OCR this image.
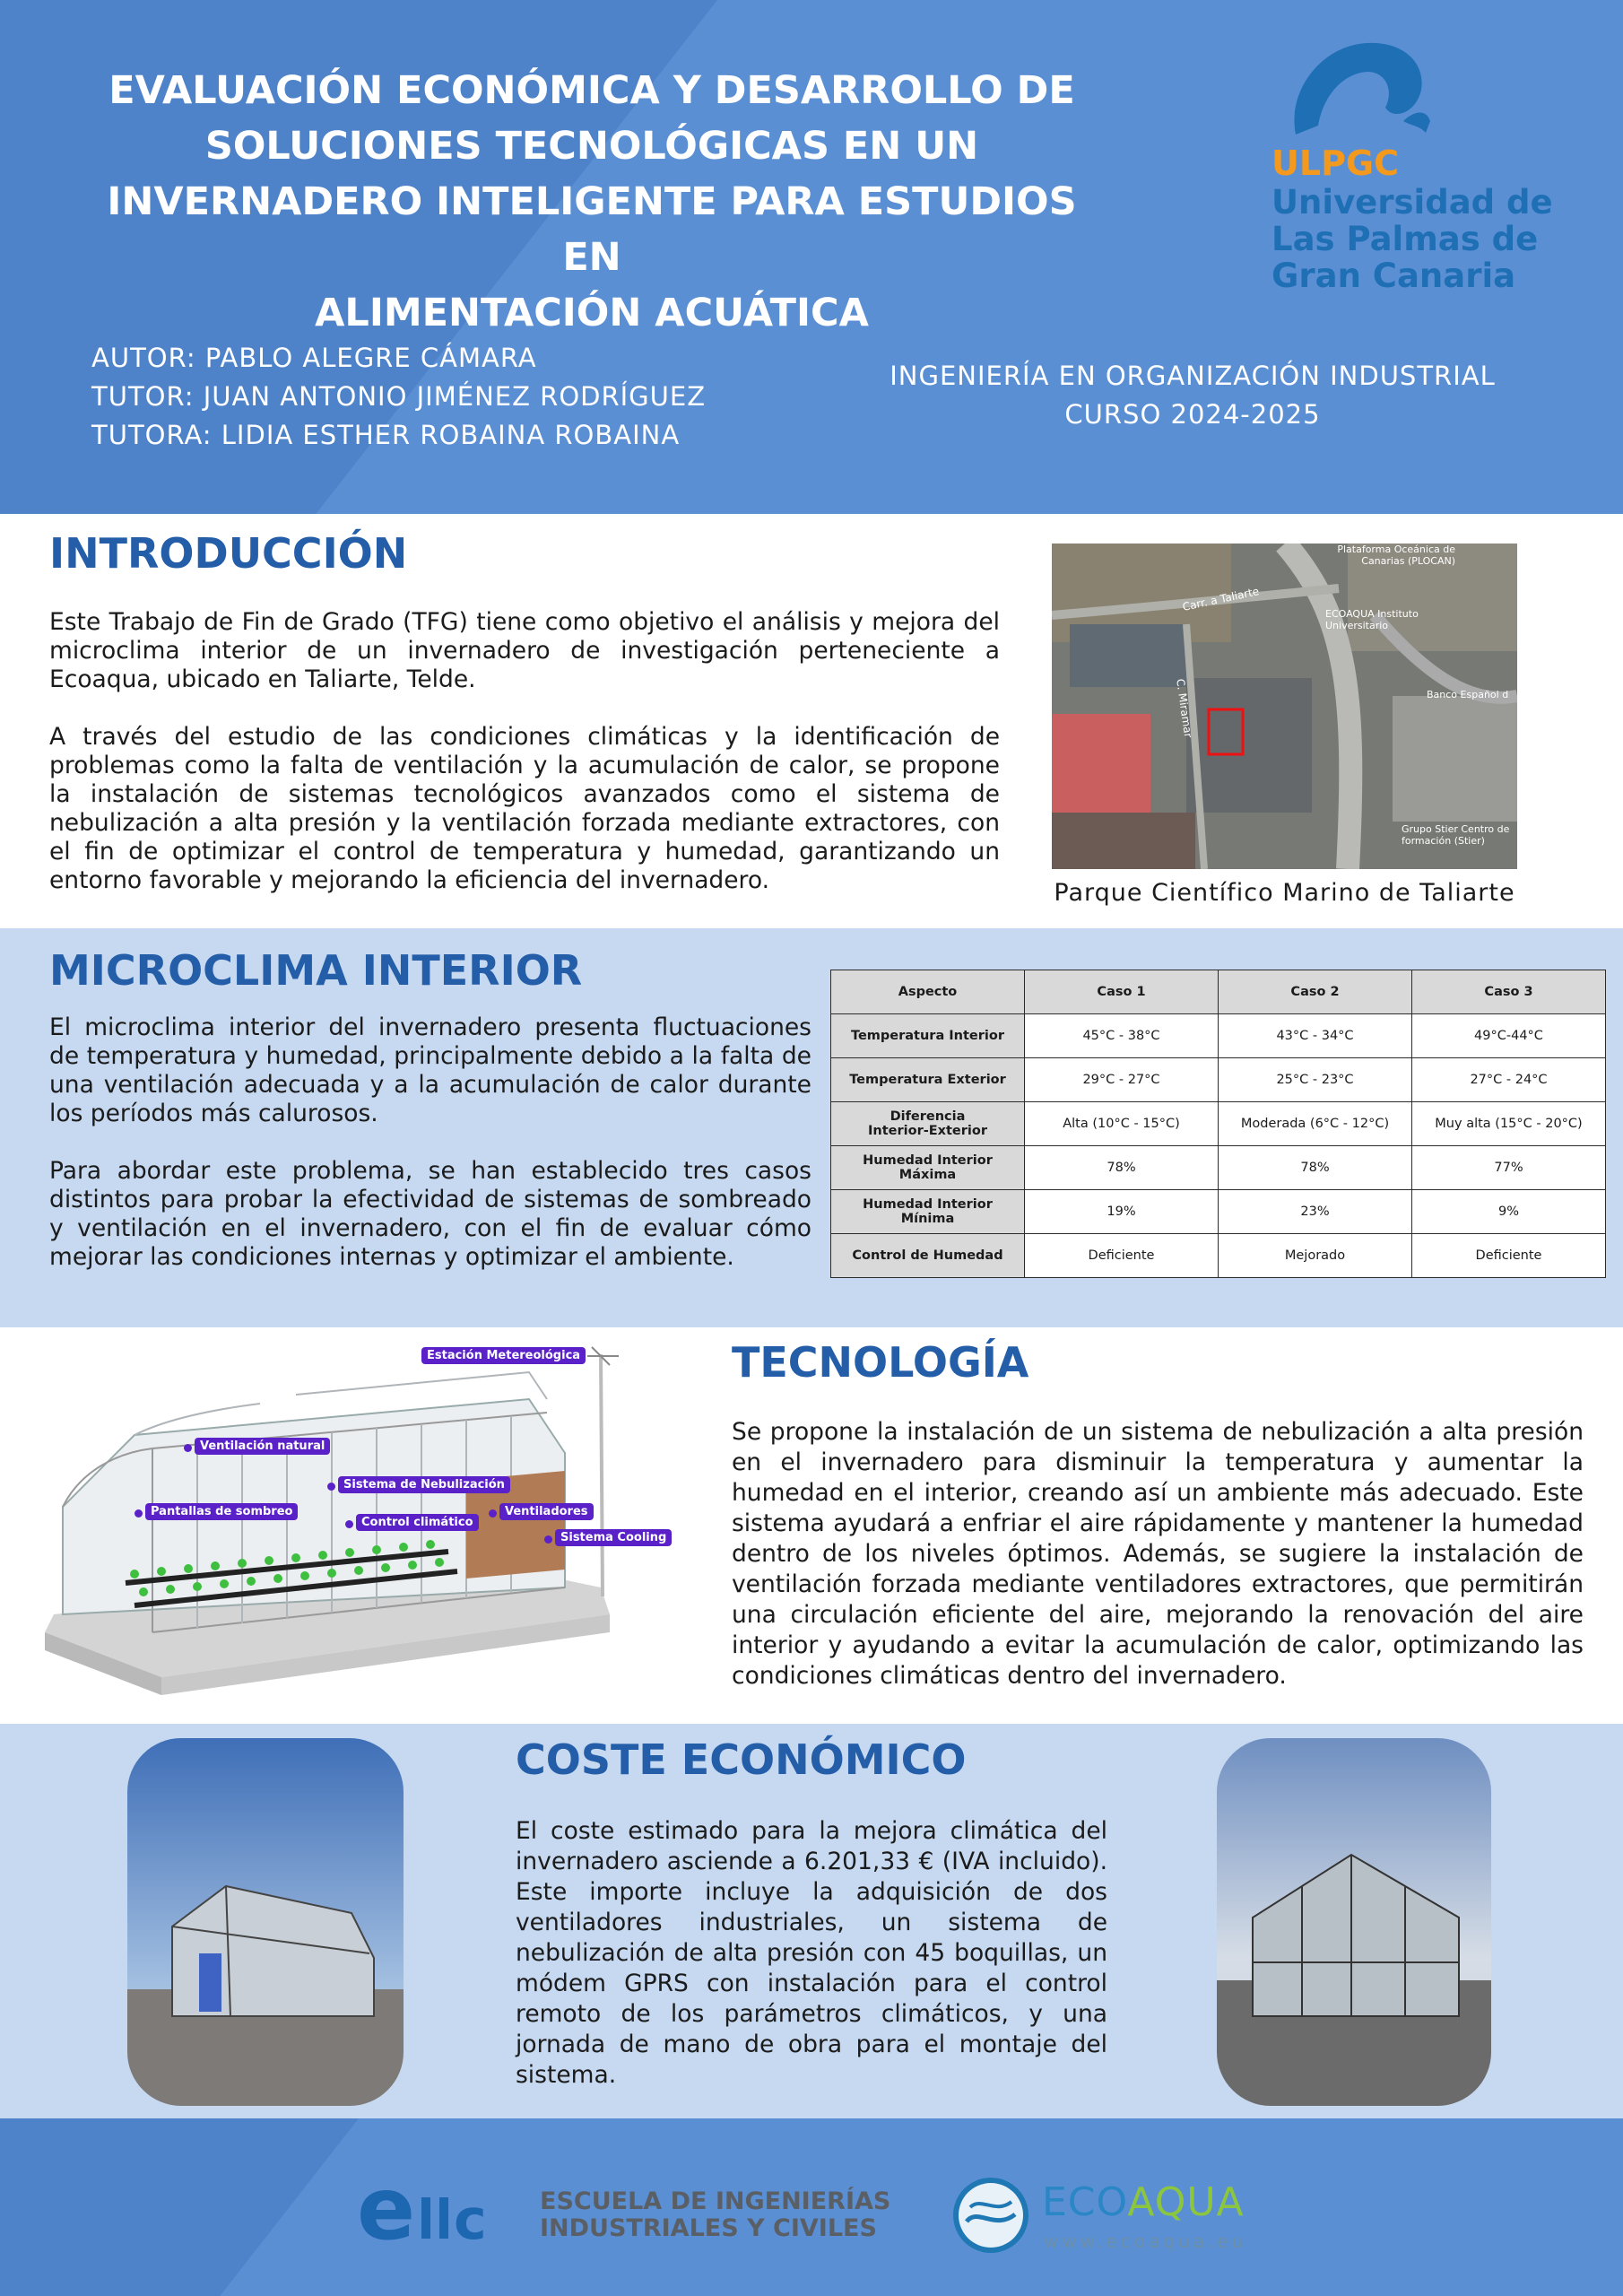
EVALUACIÓN ECONÓMICA Y DESARROLLO DE
SOLUCIONES TECNOLÓGICAS EN UN
INVERNADERO INTELIGENTE PARA ESTUDIOS EN
ALIMENTACIÓN ACUÁTICA
AUTOR: PABLO ALEGRE CÁMARA
TUTOR: JUAN ANTONIO JIMÉNEZ RODRÍGUEZ
TUTORA: LIDIA ESTHER ROBAINA ROBAINA
INGENIERÍA EN ORGANIZACIÓN INDUSTRIAL
CURSO 2024-2025
ULPGC
Universidad de
Las Palmas de
Gran Canaria
INTRODUCCIÓN
Este Trabajo de Fin de Grado (TFG) tiene como objetivo el análisis y mejora del microclima interior de un invernadero de investigación perteneciente a Ecoaqua, ubicado en Taliarte, Telde.
A través del estudio de las condiciones climáticas y la identificación de problemas como la falta de ventilación y la acumulación de calor, se propone la instalación de sistemas tecnológicos avanzados como el sistema de nebulización a alta presión y la ventilación forzada mediante extractores, con el fin de optimizar el control de temperatura y humedad, garantizando un entorno favorable y mejorando la eficiencia del invernadero.
Carr. a Taliarte
C. Miramar
Plataforma Oceánica de Canarias (PLOCAN)
ECOAQUA Instituto Universitario
Banco Español d
Grupo Stier Centro de formación (Stier)
Parque Científico Marino de Taliarte
MICROCLIMA INTERIOR
El microclima interior del invernadero presenta fluctuaciones de temperatura y humedad, principalmente debido a la falta de una ventilación adecuada y a la acumulación de calor durante los períodos más calurosos.
Para abordar este problema, se han establecido tres casos distintos para probar la efectividad de sistemas de sombreado y ventilación en el invernadero, con el fin de evaluar cómo mejorar las condiciones internas y optimizar el ambiente.
Aspecto	Caso 1	Caso 2	Caso 3
Temperatura Interior	45°C - 38°C	43°C - 34°C	49°C-44°C
Temperatura Exterior	29°C - 27°C	25°C - 23°C	27°C - 24°C
Diferencia Interior-Exterior	Alta (10°C - 15°C)	Moderada (6°C - 12°C)	Muy alta (15°C - 20°C)
Humedad Interior Máxima	78%	78%	77%
Humedad Interior Mínima	19%	23%	9%
Control de Humedad	Deficiente	Mejorado	Deficiente
Estación Metereológica
Ventilación natural
Sistema de Nebulización
Pantallas de sombreo
Control climático
Ventiladores
Sistema Cooling
TECNOLOGÍA
Se propone la instalación de un sistema de nebulización a alta presión en el invernadero para disminuir la temperatura y aumentar la humedad en el interior, creando así un ambiente más adecuado. Este sistema ayudará a enfriar el aire rápidamente y mantener la humedad dentro de los niveles óptimos. Además, se sugiere la instalación de ventilación forzada mediante ventiladores extractores, que permitirán una circulación eficiente del aire, mejorando la renovación del aire interior y ayudando a evitar la acumulación de calor, optimizando las condiciones climáticas dentro del invernadero.
COSTE ECONÓMICO
El coste estimado para la mejora climática del invernadero asciende a 6.201,33 € (IVA incluido). Este importe incluye la adquisición de dos ventiladores industriales, un sistema de nebulización de alta presión con 45 boquillas, un módem GPRS con instalación para el control remoto de los parámetros climáticos, y una jornada de mano de obra para el montaje del sistema.
e c ESCUELA DE INGENIERÍAS
INDUSTRIALES Y CIVILES
ECOAQUA
www.ecoaqua.eu
